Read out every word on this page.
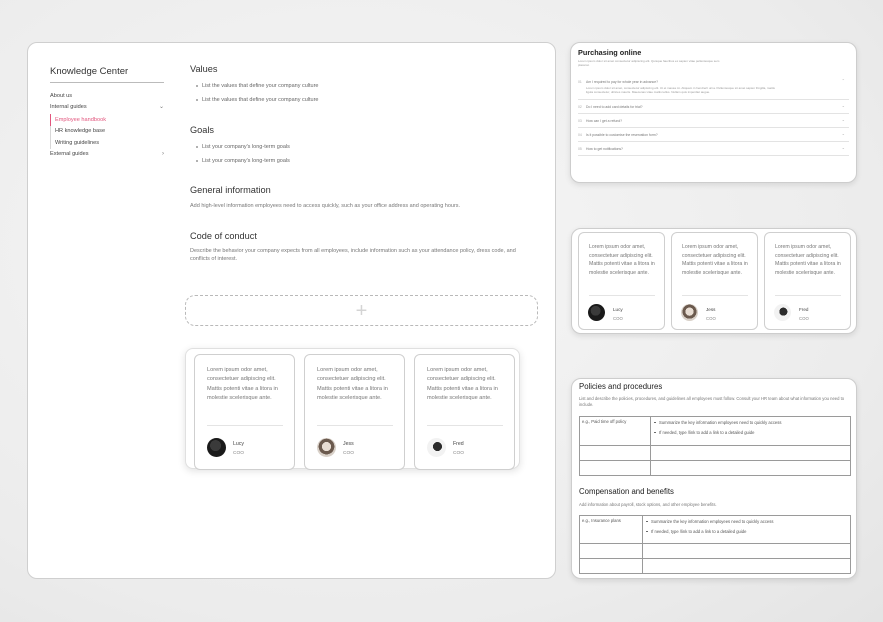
Knowledge Center
About us
Internal guides	⌄
Employee handbook
HR knowledge base
Writing guidelines
External guides	›
Values
List the values that define your company culture
List the values that define your company culture
Goals
List your company's long-term goals
List your company's long-term goals
General information
Add high-level information employees need to access quickly, such as your office address and operating hours.
Code of conduct
Describe the behavior your company expects from all employees, include information such as your attendance policy, dress code, and conflicts of interest.
+
Lorem ipsum odor amet, consectetuer adipiscing elit. Mattis potenti vitae a litora in molestie scelerisque ante.
Lucy
COO
Lorem ipsum odor amet, consectetuer adipiscing elit. Mattis potenti vitae a litora in molestie scelerisque ante.
Jess
COO
Lorem ipsum odor amet, consectetuer adipiscing elit. Mattis potenti vitae a litora in molestie scelerisque ante.
Fred
COO
Purchasing online
Lorem ipsum dolor sit amet consectetur adipiscing elit. Quisque faucibus ex sapien vitae pellentesque sem placerat.
01	Am I required to pay for whole year in advance?	⌃
Lorem ipsum dolor sit amet, consectetur adipiscing elit. Ut et massa mi. Aliquam in hendrerit urna. Pellentesque sit amet sapien fringilla, mattis ligula consectetur, ultrices mauris. Maecenas vitae mattis tellus. Nullam quis imperdiet augue.
02	Do I need to add card details for trial?	⌄
03	How can I get a refund?	⌄
04	Is it possible to customise the reservation form?	⌄
05	How to get notifications?	⌄
Lorem ipsum odor amet, consectetuer adipiscing elit. Mattis potenti vitae a litora in molestie scelerisque ante.
Lucy
COO
Lorem ipsum odor amet, consectetuer adipiscing elit. Mattis potenti vitae a litora in molestie scelerisque ante.
Jess
COO
Lorem ipsum odor amet, consectetuer adipiscing elit. Mattis potenti vitae a litora in molestie scelerisque ante.
Fred
COO
Policies and procedures
List and describe the policies, procedures, and guidelines all employees must follow. Consult your HR team about what information you need to include.
e.g., Paid time off policy	Summarize the key information employees need to quickly access
If needed, type /link to add a link to a detailed guide

Compensation and benefits
Add information about payroll, stock options, and other employee benefits.
e.g., Insurance plans	Summarize the key information employees need to quickly access
If needed, type /link to add a link to a detailed guide
